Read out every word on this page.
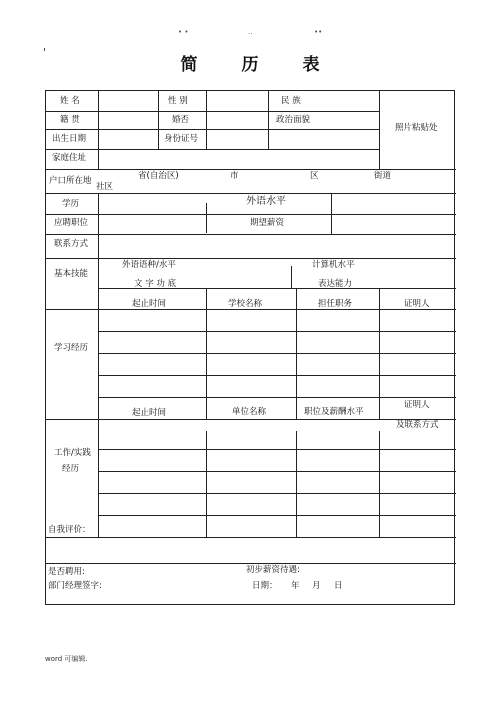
• •	..	••
简 历 表
姓 名	性 别	民 族
照片粘贴处
籍 贯	婚否	政治面貌
出生日期	身份证号
家庭住址
户口所在地	省(自治区)	市	区	街道
社区
学历	外语水平
应聘职位	期望薪资
联系方式
基本技能
外语语种/水平	计算机水平
文 字 功 底	表达能力
起止时间	学校名称	担任职务	证明人
学习经历
起止时间	单位名称	职位及薪酬水平
证明人
及联系方式
工作/实践
经历
自我评价：
是否聘用:	初步薪资待遇:
部门经理签字:	日期： 年 月 日
word 可编辑.
